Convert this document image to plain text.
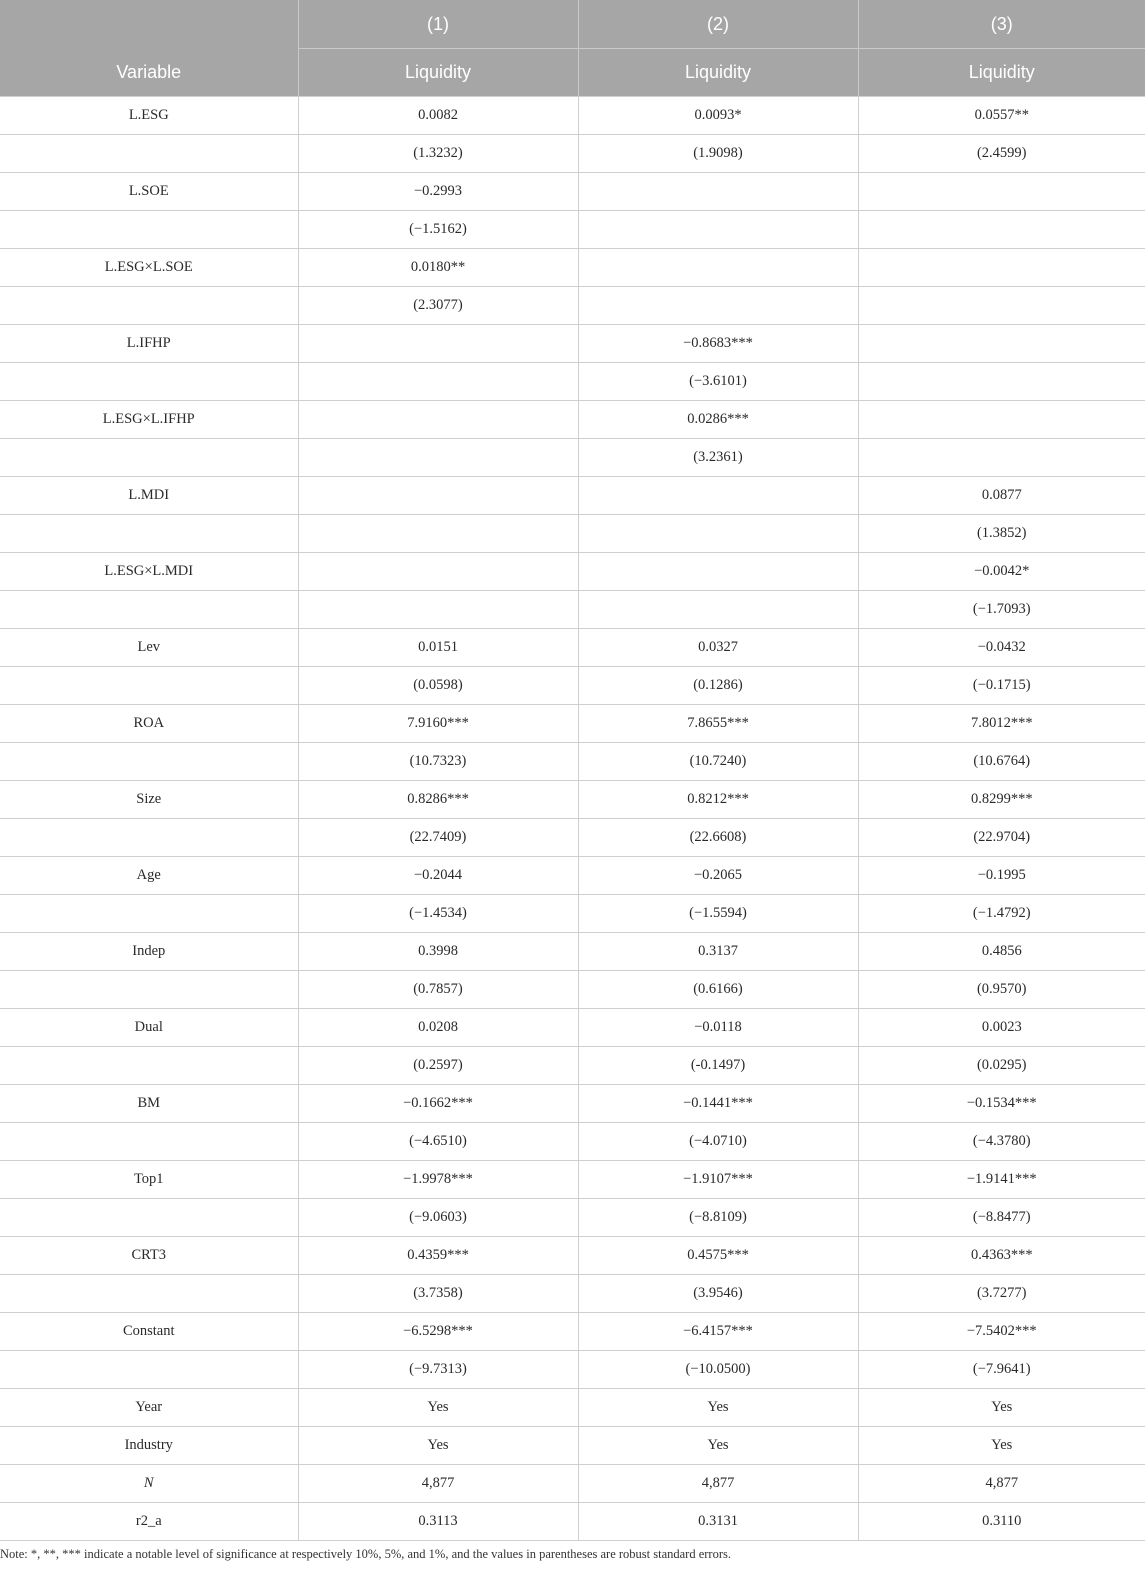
	(1)	(2)	(3)
Variable	Liquidity	Liquidity	Liquidity
L.ESG	0.0082	0.0093*	0.0557**
	(1.3232)	(1.9098)	(2.4599)
L.SOE	−0.2993		
	(−1.5162)		
L.ESG×L.SOE	0.0180**		
	(2.3077)		
L.IFHP		−0.8683***	
		(−3.6101)	
L.ESG×L.IFHP		0.0286***	
		(3.2361)	
L.MDI			0.0877
			(1.3852)
L.ESG×L.MDI			−0.0042*
			(−1.7093)
Lev	0.0151	0.0327	−0.0432
	(0.0598)	(0.1286)	(−0.1715)
ROA	7.9160***	7.8655***	7.8012***
	(10.7323)	(10.7240)	(10.6764)
Size	0.8286***	0.8212***	0.8299***
	(22.7409)	(22.6608)	(22.9704)
Age	−0.2044	−0.2065	−0.1995
	(−1.4534)	(−1.5594)	(−1.4792)
Indep	0.3998	0.3137	0.4856
	(0.7857)	(0.6166)	(0.9570)
Dual	0.0208	−0.0118	0.0023
	(0.2597)	(-0.1497)	(0.0295)
BM	−0.1662***	−0.1441***	−0.1534***
	(−4.6510)	(−4.0710)	(−4.3780)
Top1	−1.9978***	−1.9107***	−1.9141***
	(−9.0603)	(−8.8109)	(−8.8477)
CRT3	0.4359***	0.4575***	0.4363***
	(3.7358)	(3.9546)	(3.7277)
Constant	−6.5298***	−6.4157***	−7.5402***
	(−9.7313)	(−10.0500)	(−7.9641)
Year	Yes	Yes	Yes
Industry	Yes	Yes	Yes
N	4,877	4,877	4,877
r2_a	0.3113	0.3131	0.3110
Note: *, **, *** indicate a notable level of significance at respectively 10%, 5%, and 1%, and the values in parentheses are robust standard errors.
